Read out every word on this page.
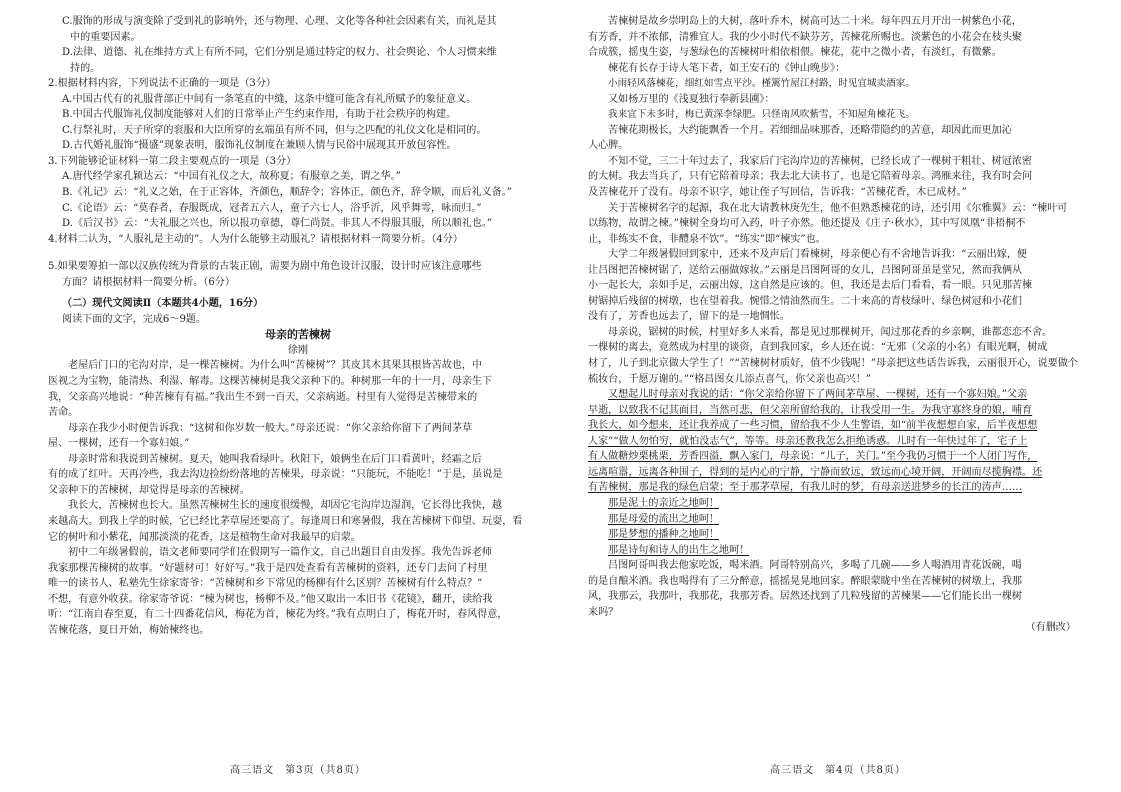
C.服饰的形成与演变除了受到礼的影响外，还与物理、心理、文化等各种社会因素有关，而礼是其
中的重要因素。
D.法律、道德、礼在维持方式上有所不同，它们分别是通过特定的权力、社会舆论、个人习惯来维
持的。
2.根据材料内容，下列说法不正确的一项是（3分）
A.中国古代有的礼服背部正中间有一条笔直的中缝，这条中缝可能含有礼所赋予的象征意义。
B.中国古代服饰礼仪制度能够对人们的日常举止产生约束作用，有助于社会秩序的构建。
C.行祭礼时，天子所穿的衮服和大臣所穿的玄端虽有所不同，但与之匹配的礼仪文化是相同的。
D.古代婚礼服饰“摄盛”现象表明，服饰礼仪制度在兼顾人情与民俗中展现其开放包容性。
3.下列能够论证材料一第二段主要观点的一项是（3分）
A.唐代经学家孔颖达云：“中国有礼仪之大，故称夏；有服章之美，谓之华。”
B.《礼记》云：“礼义之始，在于正容体，齐颜色，顺辞令；容体正，颜色齐，辞令顺，而后礼义备。”
C.《论语》云：“莫春者，春服既成，冠者五六人，童子六七人，浴乎沂，风乎舞雩，咏而归。”
D.《后汉书》云：“夫礼服之兴也，所以报功章德，尊仁尚贤。非其人不得服其服，所以顺礼也。”
4.材料二认为，“人服礼是主动的”。人为什么能够主动服礼？请根据材料一简要分析。（4分）
5.如果要筹拍一部以汉族传统为背景的古装正剧，需要为剧中角色设计汉服，设计时应该注意哪些
方面？请根据材料一简要分析。（6分）
（二）现代文阅读Ⅱ（本题共4小题，16分）
阅读下面的文字，完成6～9题。
母亲的苦楝树
徐刚
老屋后门口的宅沟对岸，是一棵苦楝树。为什么叫“苦楝树”？其皮其木其果其根皆苦故也，中
医视之为宝物，能清热、利湿、解毒。这棵苦楝树是我父亲种下的。种树那一年的十一月，母亲生下
我，父亲高兴地说：“种苦楝有有福。”我出生不到一百天，父亲病逝。村里有人觉得是苦楝带来的
苦命。
母亲在我少小时便告诉我：“这树和你岁数一般大。”母亲还说：“你父亲给你留下了两间茅草
屋、一棵树，还有一个寡妇娘。”
母亲时常和我说到苦楝树。夏天，她叫我看绿叶。秋阳下，娘俩坐在后门口看黄叶，经霜之后
有的成了红叶。天再冷些，我去沟边捡纷纷落地的苦楝果，母亲说：“只能玩，不能吃！”于是，虽说是
父亲种下的苦楝树，却觉得是母亲的苦楝树。
我长大，苦楝树也长大。虽然苦楝树生长的速度很缓慢，却因它宅沟岸边湿润，它长得比我快，越
来越高大。到我上学的时候，它已经比茅草屋还要高了。每逢周日和寒暑假，我在苦楝树下仰望、玩耍，看
它的树叶和小紫花，闻那淡淡的花香，这是植物生命对我最早的启蒙。
初中二年级暑假前，语文老师要同学们在假期写一篇作文，自己出题目自由发挥。我先告诉老师
我家那棵苦楝树的故事。“好题材可！好好写。”我于是四处查看有苦楝树的资料，还专门去问了村里
唯一的读书人、私塾先生徐家寄爷：“苦楝树和乡下常见的杨柳有什么区别？苦楝树有什么特点？”
不想，有意外收获。徐家寄爷说：“楝为树也，杨柳不及。”他又取出一本旧书《花镜》，翻开，读给我
听：“江南自春至夏，有二十四番花信风，梅花为首，楝花为终。”我有点明白了，梅花开时，春风得意，
苦楝花落，夏日开始，梅始楝终也。
高三语文　第3页（共8页）
苦楝树是故乡崇明岛上的大树，落叶乔木，树高可达二十米。每年四五月开出一树紫色小花，
有芳香，并不浓郁，清雅宜人。我的少小时代不缺芬芳，苦楝花所赐也。淡紫色的小花会在枝头聚
合成簇，摇曳生姿，与葱绿色的苦楝树叶相依相偎。楝花，花中之微小者，有淡红，有微紫。
楝花有长存于诗人笔下者，如王安石的《钟山晚步》：
小雨轻风落楝花，细红如雪点平沙。槿篱竹屋江村路，时见宜城卖酒家。
又如杨万里的《浅夏独行奉新县圃》：
我来宜下未多时，梅已黄深李绿肥。只怪南风吹紫雪，不知屋角楝花飞。
苦楝花期极长，大约能飘香一个月。若细细品味那香，还略带隐约的苦意，却因此而更加沁
人心脾。
不知不觉，三二十年过去了，我家后门宅沟岸边的苦楝树，已经长成了一棵树干粗壮、树冠浓密
的大树。我去当兵了，只有它陪着母亲；我去北大读书了，也是它陪着母亲。鸿雁来往，我有时会问
及苦楝花开了没有。母亲不识字，她让侄子写回信，告诉我：“苦楝花香，木已成材。”
关于苦楝树名字的起源，我在北大请教林庚先生，他不但熟悉楝花的诗，还引用《尔雅翼》云：“楝叶可
以练物，故谓之楝。”楝树全身均可入药，叶子亦然。他还提及《庄子·秋水》，其中写凤凰“非梧桐不
止，非练实不食，非醴泉不饮”。“练实”即“楝实”也。
大学二年级暑假回到家中，还来不及声后门看楝树，母亲便心有不舍地告诉我：“云丽出嫁，便
让吕图把苦楝树锯了，送给云丽做嫁妆。”云丽是吕图阿哥的女儿，吕图阿哥虽是堂兄，然而我俩从
小一起长大，亲如手足，云丽出嫁，这自然是应该的。但，我还是去后门看看，看一眼。只见那苦楝
树锯掉后残留的树墩，也在望着我。惋惜之情油然而生。二十来高的青枝绿叶、绿色树冠和小花们
没有了，芳香也远去了，留下的是一地惆怅。
母亲说，锯树的时候，村里好多人来看，都是见过那棵树开，闻过那花香的乡亲啊，谁都恋恋不舍。
一棵树的离去，竟然成为村里的谈资，直到我回家，乡人还在说：“无邪（父亲的小名）有眼光啊，树成
材了，儿子到北京做大学生了！”“苦楝树材质好，值不少钱呢！”母亲把这些话告诉我，云丽很开心，说要做个
梳妆台，千愿万谢的。”“格昌图女儿添点喜气，你父亲也高兴！”
又想起儿时母亲对我说的话：“你父亲给你留下了两间茅草屋、一棵树，还有一个寡妇娘。”父亲
早逝，以致我不记其面目，当然可悲，但父亲所留给我的，让我受用一生。为我守寡终身的娘，哺育
我长大，如今想来，还让我养成了一些习惯，留给我不少人生警语，如“前半夜想想自家，后半夜想想
人家”“做人勿怕穷，就怕没志气”，等等。母亲还教我怎么拒绝诱惑。儿时有一年快过年了，宅子上
有人做糖炒栗桃栗，芳香四溢，飘入家门，母亲说：“儿子，关门。”至今我仍习惯于一个人闭门写作，
远离喧嚣，远离各种围子，得到的是内心的宁静，宁静而致远，致远而心境开阔，开阔而尽揽胸襟。还
有苦楝树，那是我的绿色启蒙；至于那茅草屋，有我儿时的梦，有母亲送进梦乡的长江的涛声……
那是泥土的亲近之地呵！
那是母爱的流出之地呵！
那是梦想的播种之地呵！
那是诗句和诗人的出生之地呵！
吕图阿哥叫我去他家吃饭，喝米酒。阿哥特别高兴，多喝了几碗——乡人喝酒用青花饭碗，喝
的是自酿米酒。我也喝得有了三分醉意，摇摇晃晃地回家。醉眼蒙眬中坐在苦楝树的树墩上，我那
风，我那云，我那叶，我那花，我那芳香。居然还找到了几粒残留的苦楝果——它们能长出一棵树
来吗？
（有删改）
高三语文　第4页（共8页）
